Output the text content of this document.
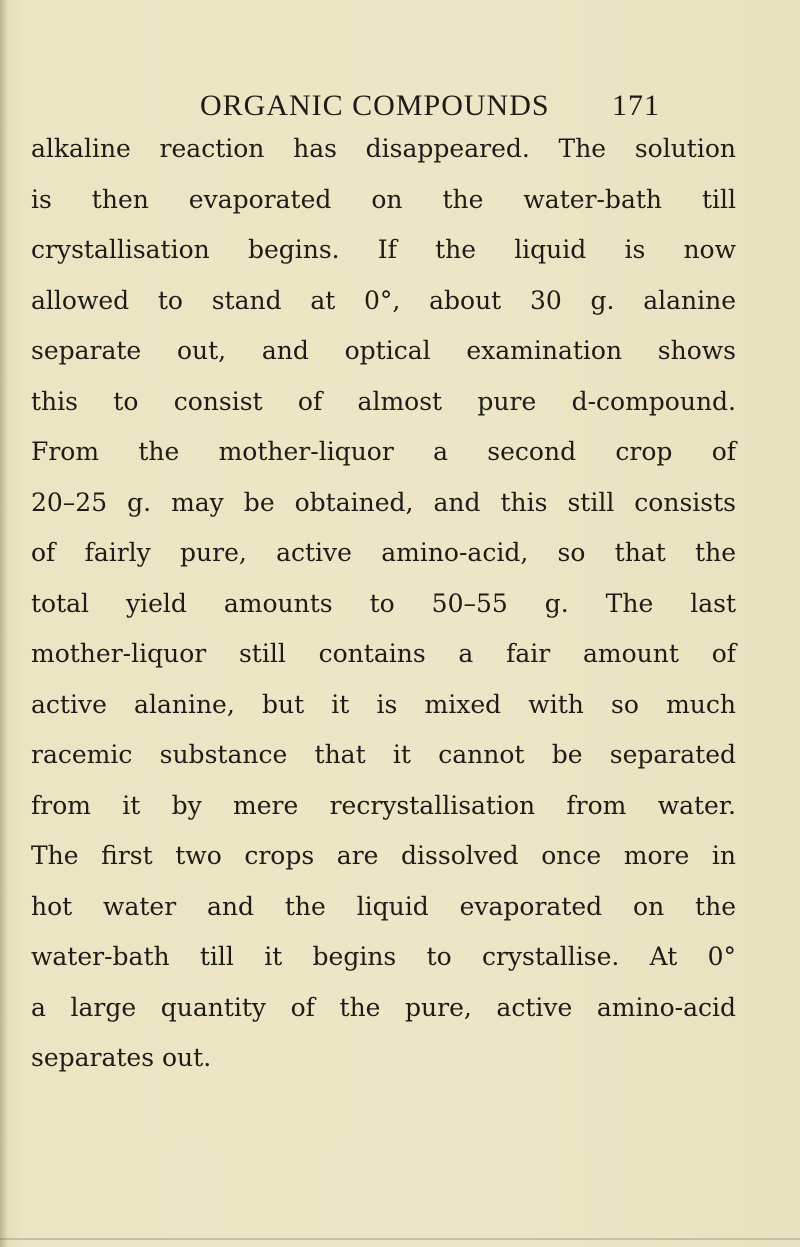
ORGANIC COMPOUNDS 171
alkaline reaction has disappeared. The solution
is then evaporated on the water-bath till
crystallisation begins. If the liquid is now
allowed to stand at 0°, about 30 g. alanine
separate out, and optical examination shows
this to consist of almost pure d-compound.
From the mother-liquor a second crop of
20–25 g. may be obtained, and this still consists
of fairly pure, active amino-acid, so that the
total yield amounts to 50–55 g. The last
mother-liquor still contains a fair amount of
active alanine, but it is mixed with so much
racemic substance that it cannot be separated
from it by mere recrystallisation from water.
The first two crops are dissolved once more in
hot water and the liquid evaporated on the
water-bath till it begins to crystallise. At 0°
a large quantity of the pure, active amino-acid
separates out.
